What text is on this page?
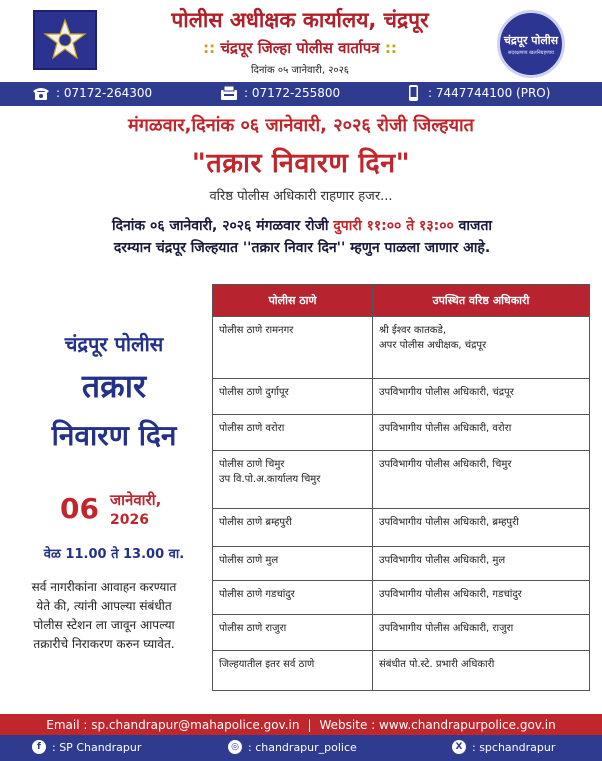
पोलीस अधीक्षक कार्यालय, चंद्रपूर
:: चंद्रपूर जिल्हा पोलीस वार्तापत्र ::
दिनांक ०५ जानेवारी, २०२६
चंद्रपूर पोलीस
सदरक्षणाय खलनिग्रहणाय
: 07172-264300	: 07172-255800	: 7447744100 (PRO)
मंगळवार,दिनांक ०६ जानेवारी, २०२६ रोजी जिल्हयात
"तक्रार निवारण दिन"
वरिष्ठ पोलीस अधिकारी राहणार हजर...
दिनांक ०६ जानेवारी, २०२६ मंगळवार रोजी दुपारी ११:०० ते १३:०० वाजता
दरम्यान चंद्रपूर जिल्हयात ''तक्रार निवार दिन'' म्हणुन पाळला जाणार आहे.
चंद्रपूर पोलीस
तक्रार
निवारण दिन
06 जानेवारी,
2026
वेळ 11.00 ते 13.00 वा.
सर्व नागरीकांना आवाहन करण्यात येते की, त्यांनी आपल्या संबंधीत पोलीस स्टेशन ला जावून आपल्या तक्रारीचे निराकरण करुन घ्यावेत.
पोलीस ठाणे	उपस्थित वरिष्ठ अधिकारी

पोलीस ठाणे रामनगर	श्री ईश्वर कातकडे,
अपर पोलीस अधीक्षक, चंद्रपूर

पोलीस ठाणे दुर्गापूर	उपविभागीय पोलीस अधिकारी, चंद्रपूर

पोलीस ठाणे वरोरा	उपविभागीय पोलीस अधिकारी, वरोरा

पोलीस ठाणे चिमुर
उप वि.पो.अ.कार्यालय चिमुर	उपविभागीय पोलीस अधिकारी, चिमुर

पोलीस ठाणे ब्रम्हपुरी	उपविभागीय पोलीस अधिकारी, ब्रम्हपुरी

पोलीस ठाणे मुल	उपविभागीय पोलीस अधिकारी, मुल

पोलीस ठाणे गडचांदुर	उपविभागीय पोलीस अधिकारी, गडचांदुर

पोलीस ठाणे राजुरा	उपविभागीय पोलीस अधिकारी, राजुरा

जिल्हयातील इतर सर्व ठाणे	संबंधीत पो.स्टे. प्रभारी अधिकारी
Email : sp.chandrapur@mahapolice.gov.in | Website : www.chandrapurpolice.gov.in
f	: SP Chandrapur	◎ : chandrapur_police	X : spchandrapur
